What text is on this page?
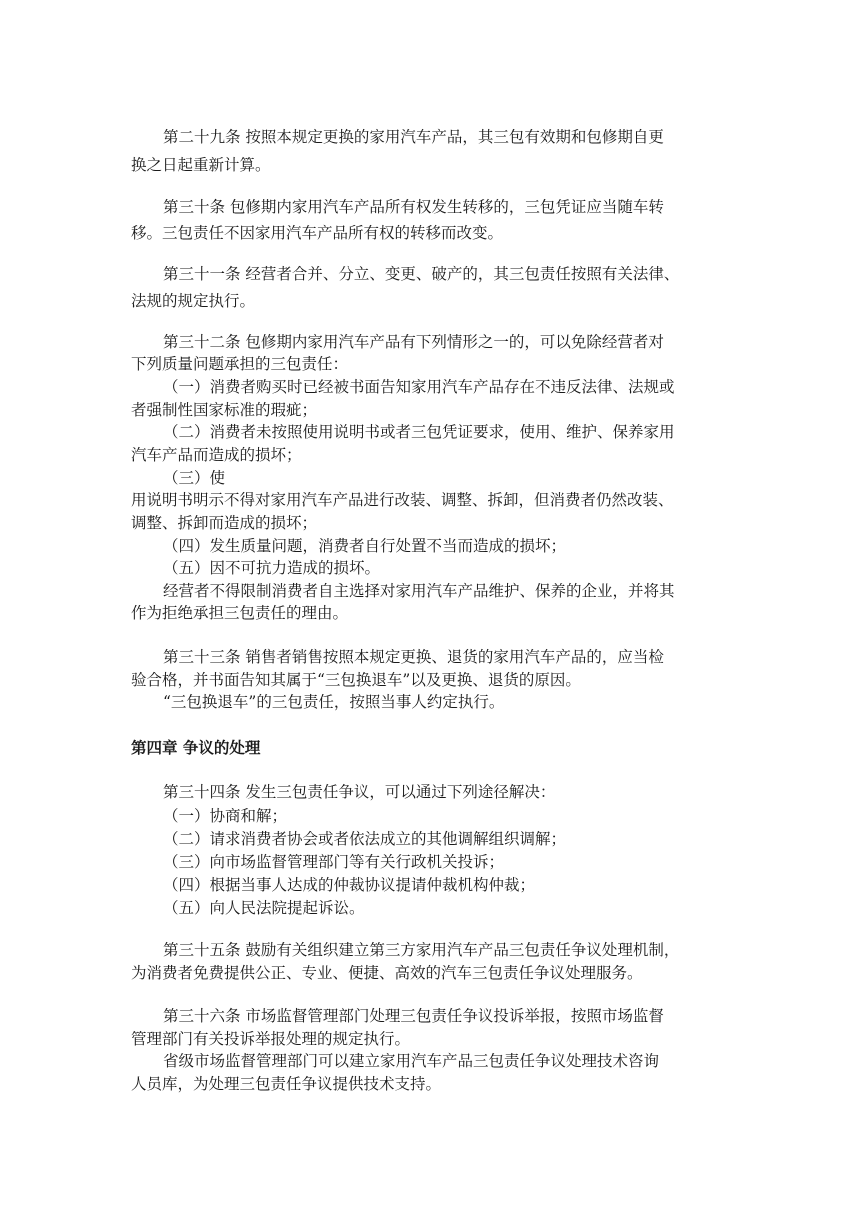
第二十九条 按照本规定更换的家用汽车产品，其三包有效期和包修期自更
换之日起重新计算。
第三十条 包修期内家用汽车产品所有权发生转移的，三包凭证应当随车转
移。三包责任不因家用汽车产品所有权的转移而改变。
第三十一条 经营者合并、分立、变更、破产的，其三包责任按照有关法律、
法规的规定执行。
第三十二条 包修期内家用汽车产品有下列情形之一的，可以免除经营者对
下列质量问题承担的三包责任：
（一）消费者购买时已经被书面告知家用汽车产品存在不违反法律、法规或
者强制性国家标准的瑕疵；
（二）消费者未按照使用说明书或者三包凭证要求，使用、维护、保养家用
汽车产品而造成的损坏；
（三）使
用说明书明示不得对家用汽车产品进行改装、调整、拆卸，但消费者仍然改装、
调整、拆卸而造成的损坏；
（四）发生质量问题，消费者自行处置不当而造成的损坏；
（五）因不可抗力造成的损坏。
经营者不得限制消费者自主选择对家用汽车产品维护、保养的企业，并将其
作为拒绝承担三包责任的理由。
第三十三条 销售者销售按照本规定更换、退货的家用汽车产品的，应当检
验合格，并书面告知其属于“三包换退车”以及更换、退货的原因。
“三包换退车”的三包责任，按照当事人约定执行。
第四章 争议的处理
第三十四条 发生三包责任争议，可以通过下列途径解决：
（一）协商和解；
（二）请求消费者协会或者依法成立的其他调解组织调解；
（三）向市场监督管理部门等有关行政机关投诉；
（四）根据当事人达成的仲裁协议提请仲裁机构仲裁；
（五）向人民法院提起诉讼。
第三十五条 鼓励有关组织建立第三方家用汽车产品三包责任争议处理机制，
为消费者免费提供公正、专业、便捷、高效的汽车三包责任争议处理服务。
第三十六条 市场监督管理部门处理三包责任争议投诉举报，按照市场监督
管理部门有关投诉举报处理的规定执行。
省级市场监督管理部门可以建立家用汽车产品三包责任争议处理技术咨询
人员库，为处理三包责任争议提供技术支持。
